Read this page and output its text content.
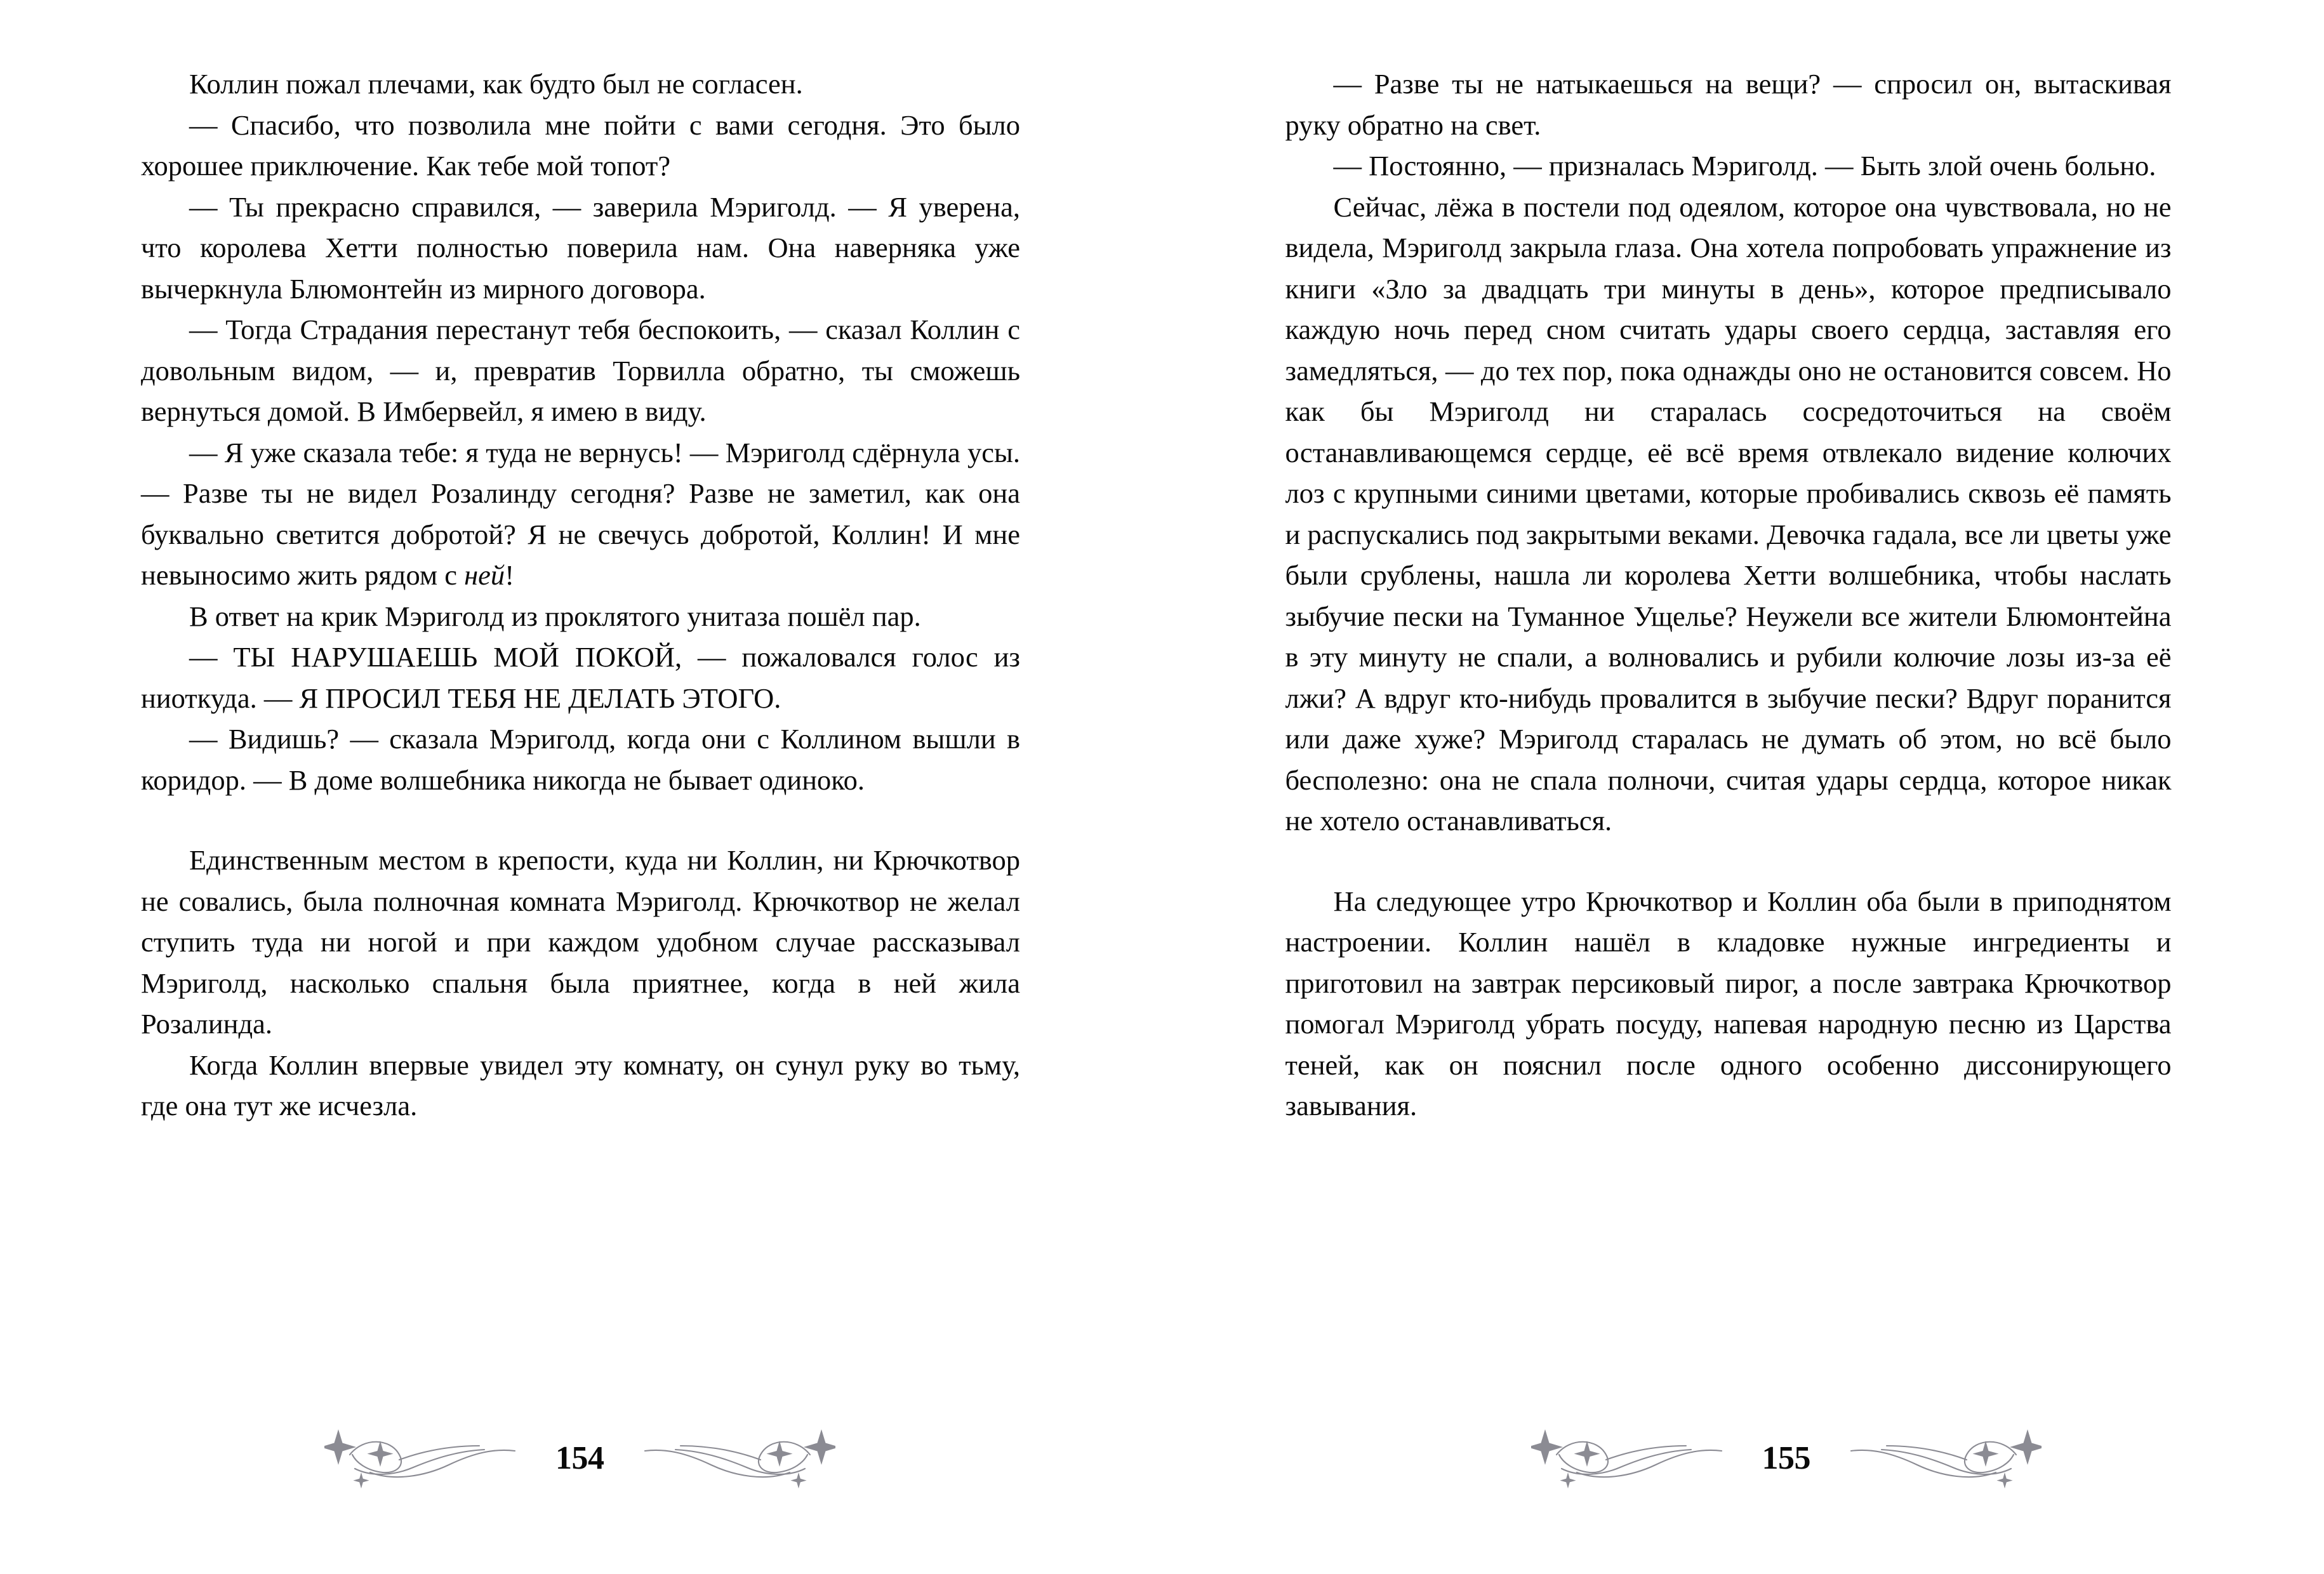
Коллин пожал плечами, как будто был не согласен.

— Спасибо, что позволила мне пойти с вами сегодня. Это было хорошее приключение. Как тебе мой топот?

— Ты прекрасно справился, — заверила Мэриголд. — Я уверена, что королева Хетти полностью поверила нам. Она наверняка уже вычеркнула Блюмонтейн из мирного договора.

— Тогда Страдания перестанут тебя беспокоить, — сказал Коллин с довольным видом, — и, превратив Торвилла обратно, ты сможешь вернуться домой. В Имбервейл, я имею в виду.

— Я уже сказала тебе: я туда не вернусь! — Мэриголд сдёрнула усы. — Разве ты не видел Розалинду сегодня? Разве не заметил, как она буквально светится добротой? Я не свечусь добротой, Коллин! И мне невыносимо жить рядом с ней!

В ответ на крик Мэриголд из проклятого унитаза пошёл пар.

— ТЫ НАРУШАЕШЬ МОЙ ПОКОЙ, — пожаловался голос из ниоткуда. — Я ПРОСИЛ ТЕБЯ НЕ ДЕЛАТЬ ЭТОГО.

— Видишь? — сказала Мэриголд, когда они с Коллином вышли в коридор. — В доме волшебника никогда не бывает одиноко.

Единственным местом в крепости, куда ни Коллин, ни Крючкотвор не совались, была полночная комната Мэриголд. Крючкотвор не желал ступить туда ни ногой и при каждом удобном случае рассказывал Мэриголд, насколько спальня была приятнее, когда в ней жила Розалинда.

Когда Коллин впервые увидел эту комнату, он сунул руку во тьму, где она тут же исчезла.

154

— Разве ты не натыкаешься на вещи? — спросил он, вытаскивая руку обратно на свет.

— Постоянно, — призналась Мэриголд. — Быть злой очень больно.

Сейчас, лёжа в постели под одеялом, которое она чувствовала, но не видела, Мэриголд закрыла глаза. Она хотела попробовать упражнение из книги «Зло за двадцать три минуты в день», которое предписывало каждую ночь перед сном считать удары своего сердца, заставляя его замедляться, — до тех пор, пока однажды оно не остановится совсем. Но как бы Мэриголд ни старалась сосредоточиться на своём останавливающемся сердце, её всё время отвлекало видение колючих лоз с крупными синими цветами, которые пробивались сквозь её память и распускались под закрытыми веками. Девочка гадала, все ли цветы уже были срублены, нашла ли королева Хетти волшебника, чтобы наслать зыбучие пески на Туманное Ущелье? Неужели все жители Блюмонтейна в эту минуту не спали, а волновались и рубили колючие лозы из-за её лжи? А вдруг кто-нибудь провалится в зыбучие пески? Вдруг поранится или даже хуже? Мэриголд старалась не думать об этом, но всё было бесполезно: она не спала полночи, считая удары сердца, которое никак не хотело останавливаться.

На следующее утро Крючкотвор и Коллин оба были в приподнятом настроении. Коллин нашёл в кладовке нужные ингредиенты и приготовил на завтрак персиковый пирог, а после завтрака Крючкотвор помогал Мэриголд убрать посуду, напевая народную песню из Царства теней, как он пояснил после одного особенно диссонирующего завывания.

155
